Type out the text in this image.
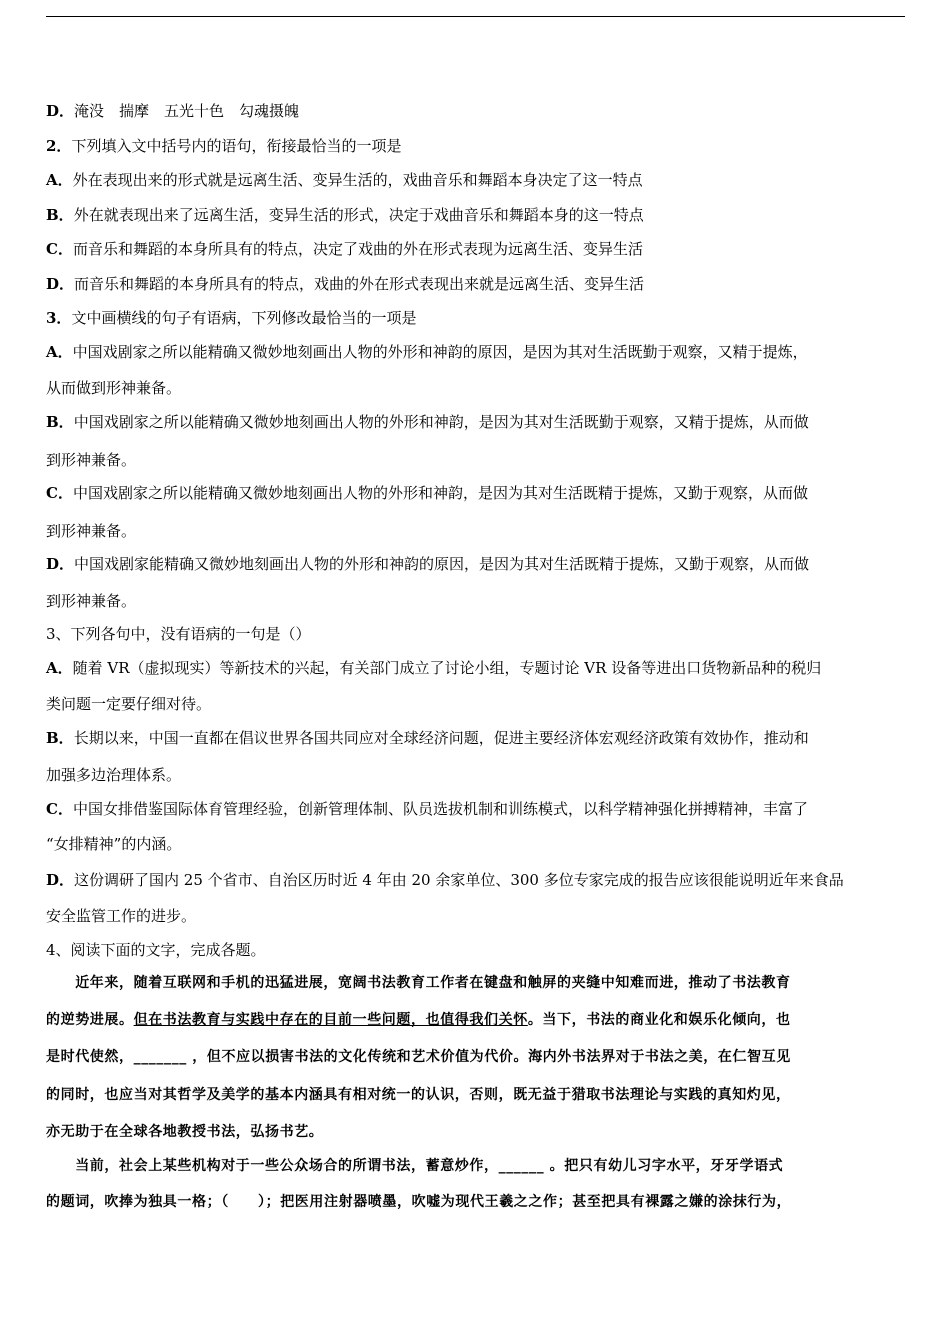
D．淹没　揣摩　五光十色　勾魂摄魄
2．下列填入文中括号内的语句，衔接最恰当的一项是
A．外在表现出来的形式就是远离生活、变异生活的，戏曲音乐和舞蹈本身决定了这一特点
B．外在就表现出来了远离生活，变异生活的形式，决定于戏曲音乐和舞蹈本身的这一特点
C．而音乐和舞蹈的本身所具有的特点，决定了戏曲的外在形式表现为远离生活、变异生活
D．而音乐和舞蹈的本身所具有的特点，戏曲的外在形式表现出来就是远离生活、变异生活
3．文中画横线的句子有语病，下列修改最恰当的一项是
A．中国戏剧家之所以能精确又微妙地刻画出人物的外形和神韵的原因，是因为其对生活既勤于观察，又精于提炼，
从而做到形神兼备。
B．中国戏剧家之所以能精确又微妙地刻画出人物的外形和神韵，是因为其对生活既勤于观察，又精于提炼，从而做
到形神兼备。
C．中国戏剧家之所以能精确又微妙地刻画出人物的外形和神韵，是因为其对生活既精于提炼，又勤于观察，从而做
到形神兼备。
D．中国戏剧家能精确又微妙地刻画出人物的外形和神韵的原因，是因为其对生活既精于提炼，又勤于观察，从而做
到形神兼备。
3、下列各句中，没有语病的一句是（）
A．随着 VR（虚拟现实）等新技术的兴起，有关部门成立了讨论小组，专题讨论 VR 设备等进出口货物新品种的税归
类问题一定要仔细对待。
B．长期以来，中国一直都在倡议世界各国共同应对全球经济问题，促进主要经济体宏观经济政策有效协作，推动和
加强多边治理体系。
C．中国女排借鉴国际体育管理经验，创新管理体制、队员选拔机制和训练模式，以科学精神强化拼搏精神，丰富了
“女排精神”的内涵。
D．这份调研了国内 25 个省市、自治区历时近 4 年由 20 余家单位、300 多位专家完成的报告应该很能说明近年来食品
安全监管工作的进步。
4、阅读下面的文字，完成各题。
　　近年来，随着互联网和手机的迅猛进展，宽阔书法教育工作者在键盘和触屏的夹缝中知难而进，推动了书法教育
的逆势进展。但在书法教育与实践中存在的目前一些问题，也值得我们关怀。当下，书法的商业化和娱乐化倾向，也
是时代使然，_______ ，但不应以损害书法的文化传统和艺术价值为代价。海内外书法界对于书法之美，在仁智互见
的同时，也应当对其哲学及美学的基本内涵具有相对统一的认识，否则，既无益于猎取书法理论与实践的真知灼见，
亦无助于在全球各地教授书法，弘扬书艺。
　　当前，社会上某些机构对于一些公众场合的所谓书法，蓄意炒作，______ 。把只有幼儿习字水平，牙牙学语式
的题词，吹捧为独具一格；（　　）；把医用注射器喷墨，吹嘘为现代王羲之之作；甚至把具有裸露之嫌的涂抹行为，
